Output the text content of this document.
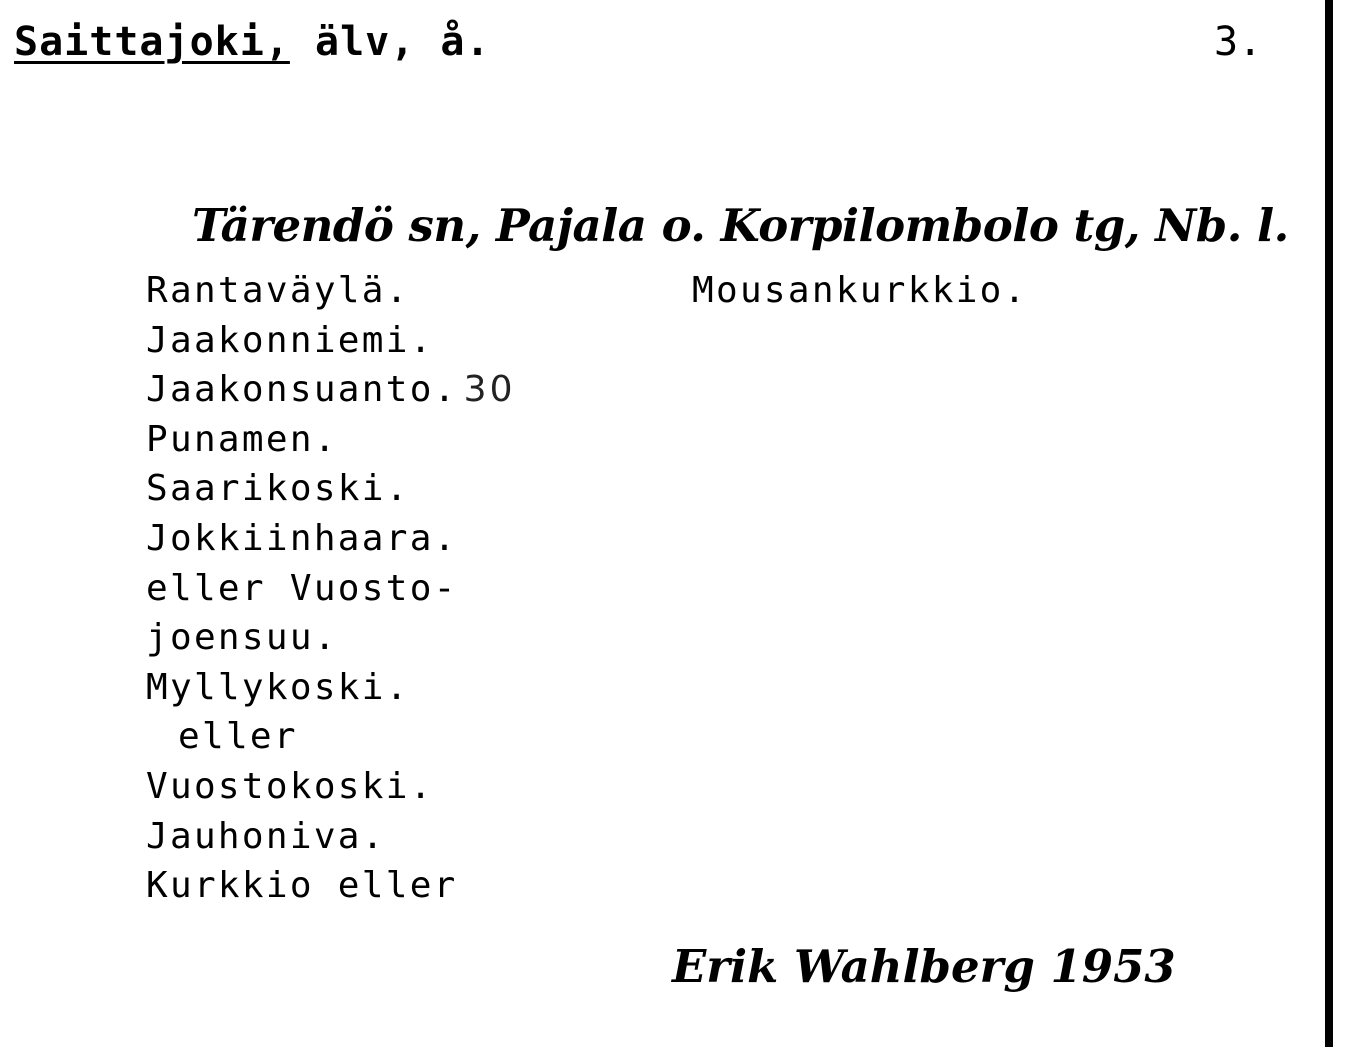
Saittajoki, älv, å.	3.
Tärendö sn, Pajala o. Korpilombolo tg, Nb. l.
Rantaväylä.
Jaakonniemi.
Jaakonsuanto. 30
Punamen.
Saarikoski.
Jokkiinhaara.
eller Vuosto-
joensuu.
Myllykoski.
eller
Vuostokoski.
Jauhoniva.
Kurkkio eller
Mousankurkkio.
Erik Wahlberg 1953
